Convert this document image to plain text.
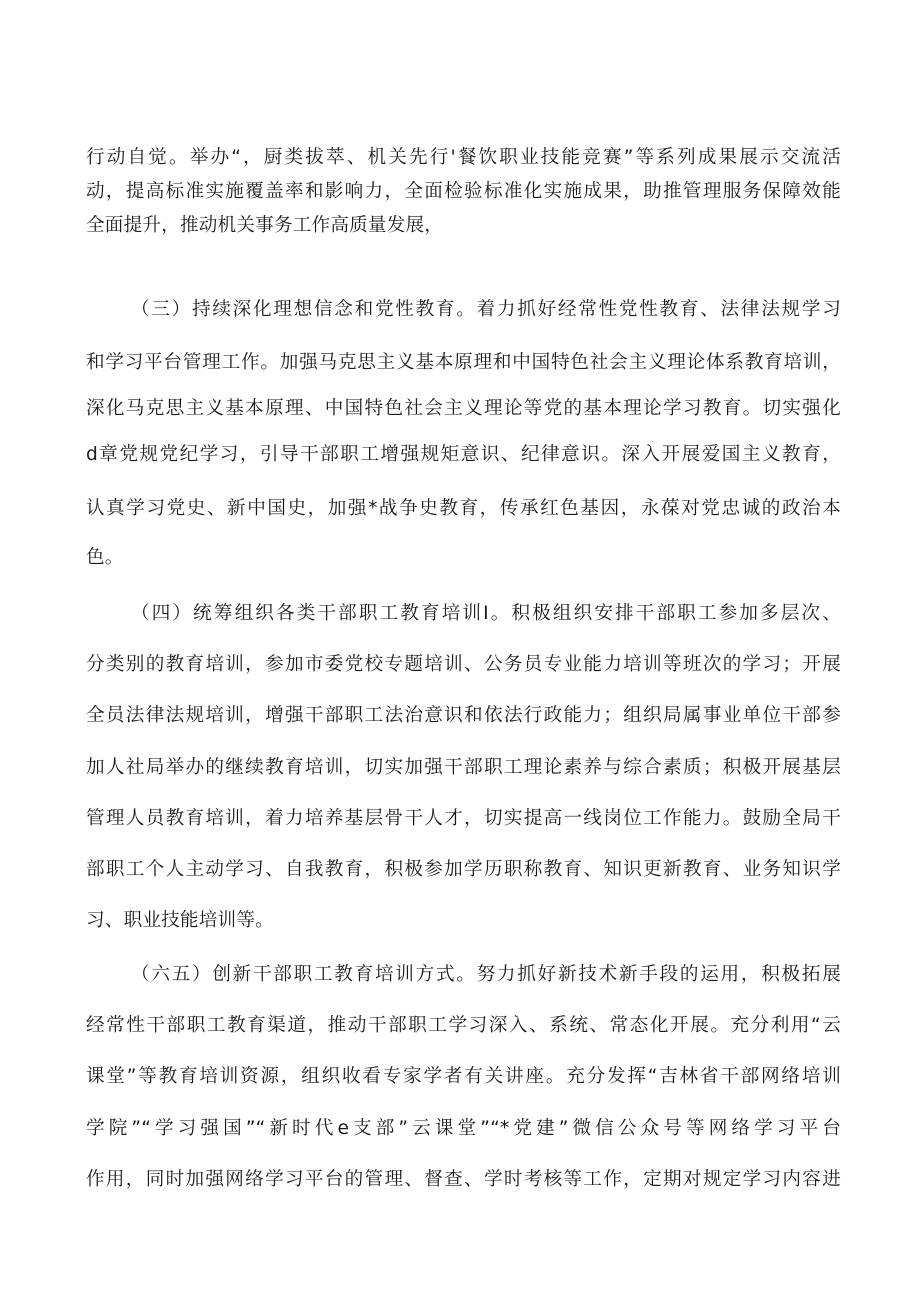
行动自觉。举办“，厨类拔萃、机关先行'餐饮职业技能竞赛”等系列成果展示交流活
动，提高标准实施覆盖率和影响力，全面检验标准化实施成果，助推管理服务保障效能
全面提升，推动机关事务工作高质量发展，
（三）持续深化理想信念和党性教育。着力抓好经常性党性教育、法律法规学习
和学习平台管理工作。加强马克思主义基本原理和中国特色社会主义理论体系教育培训，
深化马克思主义基本原理、中国特色社会主义理论等党的基本理论学习教育。切实强化
d章党规党纪学习，引导干部职工增强规矩意识、纪律意识。深入开展爱国主义教育，
认真学习党史、新中国史，加强*战争史教育，传承红色基因，永葆对党忠诚的政治本
色。
（四）统筹组织各类干部职工教育培训I。积极组织安排干部职工参加多层次、
分类别的教育培训，参加市委党校专题培训、公务员专业能力培训等班次的学习；开展
全员法律法规培训，增强干部职工法治意识和依法行政能力；组织局属事业单位干部参
加人社局举办的继续教育培训，切实加强干部职工理论素养与综合素质；积极开展基层
管理人员教育培训，着力培养基层骨干人才，切实提高一线岗位工作能力。鼓励全局干
部职工个人主动学习、自我教育，积极参加学历职称教育、知识更新教育、业务知识学
习、职业技能培训等。
（六五）创新干部职工教育培训方式。努力抓好新技术新手段的运用，积极拓展
经常性干部职工教育渠道，推动干部职工学习深入、系统、常态化开展。充分利用“云
课堂”等教育培训资源，组织收看专家学者有关讲座。充分发挥“吉林省干部网络培训
学院”“学习强国”“新时代e支部”云课堂”“*党建”微信公众号等网络学习平台
作用，同时加强网络学习平台的管理、督查、学时考核等工作，定期对规定学习内容进
